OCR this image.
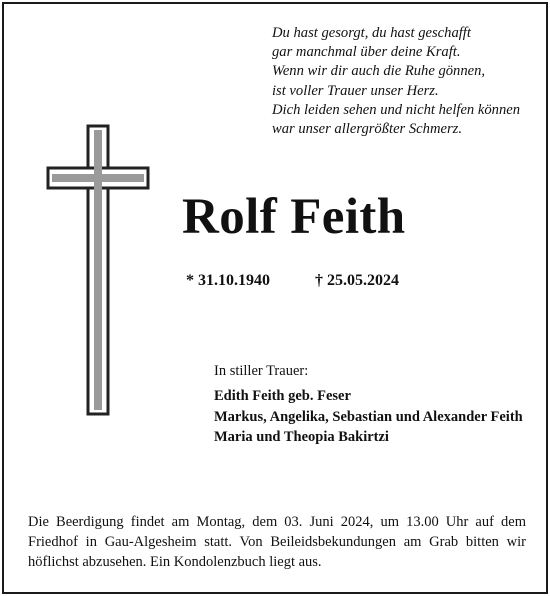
Du hast gesorgt, du hast geschafft
gar manchmal über deine Kraft.
Wenn wir dir auch die Ruhe gönnen,
ist voller Trauer unser Herz.
Dich leiden sehen und nicht helfen können
war unser allergrößter Schmerz.
Rolf Feith
* 31.10.1940	† 25.05.2024
In stiller Trauer:
Edith Feith geb. Feser
Markus, Angelika, Sebastian und Alexander Feith
Maria und Theopia Bakirtzi
Die Beerdigung findet am Montag, dem 03. Juni 2024, um 13.00 Uhr auf dem Friedhof in Gau-Algesheim statt. Von Beileidsbekundungen am Grab bitten wir höflichst abzusehen. Ein Kondolenzbuch liegt aus.
